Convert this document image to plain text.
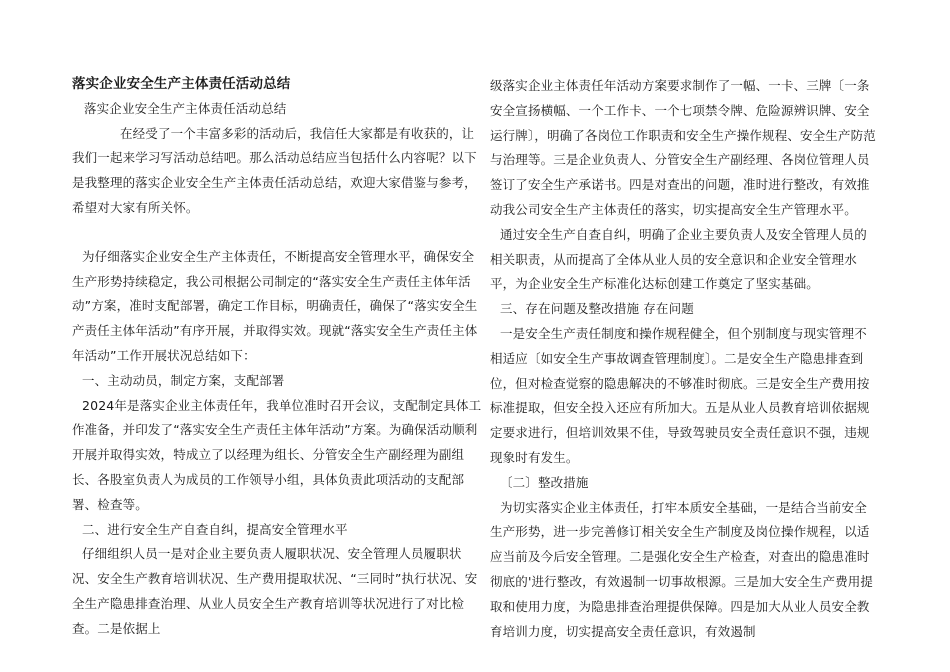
落实企业安全生产主体责任活动总结

落实企业安全生产主体责任活动总结

在经受了一个丰富多彩的活动后，我信任大家都是有收获的，让我们一起来学习写活动总结吧。那么活动总结应当包括什么内容呢？以下是我整理的落实企业安全生产主体责任活动总结，欢迎大家借鉴与参考，希望对大家有所关怀。

为仔细落实企业安全生产主体责任，不断提高安全管理水平，确保安全生产形势持续稳定，我公司根据公司制定的“落实安全生产责任主体年活动”方案，准时支配部署，确定工作目标，明确责任，确保了“落实安全生产责任主体年活动”有序开展，并取得实效。现就“落实安全生产责任主体年活动”工作开展状况总结如下：

一、主动动员，制定方案，支配部署

2024年是落实企业主体责任年，我单位准时召开会议，支配制定具体工作准备，并印发了“落实安全生产责任主体年活动”方案。为确保活动顺利开展并取得实效，特成立了以经理为组长、分管安全生产副经理为副组长、各股室负责人为成员的工作领导小组，具体负责此项活动的支配部署、检查等。

二、进行安全生产自查自纠，提高安全管理水平

仔细组织人员一是对企业主要负责人履职状况、安全管理人员履职状况、安全生产教育培训状况、生产费用提取状况、“三同时”执行状况、安全生产隐患排查治理、从业人员安全生产教育培训等状况进行了对比检查。二是依据上

级落实企业主体责任年活动方案要求制作了一幅、一卡、三牌〔一条安全宣扬横幅、一个工作卡、一个七项禁令牌、危险源辨识牌、安全运行牌〕，明确了各岗位工作职责和安全生产操作规程、安全生产防范与治理等。三是企业负责人、分管安全生产副经理、各岗位管理人员签订了安全生产承诺书。四是对查出的问题，准时进行整改，有效推动我公司安全生产主体责任的落实，切实提高安全生产管理水平。

通过安全生产自查自纠，明确了企业主要负责人及安全管理人员的相关职责，从而提高了全体从业人员的安全意识和企业安全管理水平，为企业安全生产标准化达标创建工作奠定了坚实基础。

三、存在问题及整改措施 存在问题

一是安全生产责任制度和操作规程健全，但个别制度与现实管理不相适应〔如安全生产事故调查管理制度〕。二是安全生产隐患排查到位，但对检查觉察的隐患解决的不够准时彻底。三是安全生产费用按标准提取，但安全投入还应有所加大。五是从业人员教育培训依据规定要求进行，但培训效果不佳，导致驾驶员安全责任意识不强，违规现象时有发生。

〔二〕整改措施

为切实落实企业主体责任，打牢本质安全基础，一是结合当前安全生产形势，进一步完善修订相关安全生产制度及岗位操作规程，以适应当前及今后安全管理。二是强化安全生产检查，对查出的隐患准时彻底的'进行整改，有效遏制一切事故根源。三是加大安全生产费用提取和使用力度，为隐患排查治理提供保障。四是加大从业人员安全教育培训力度，切实提高安全责任意识，有效遏制
